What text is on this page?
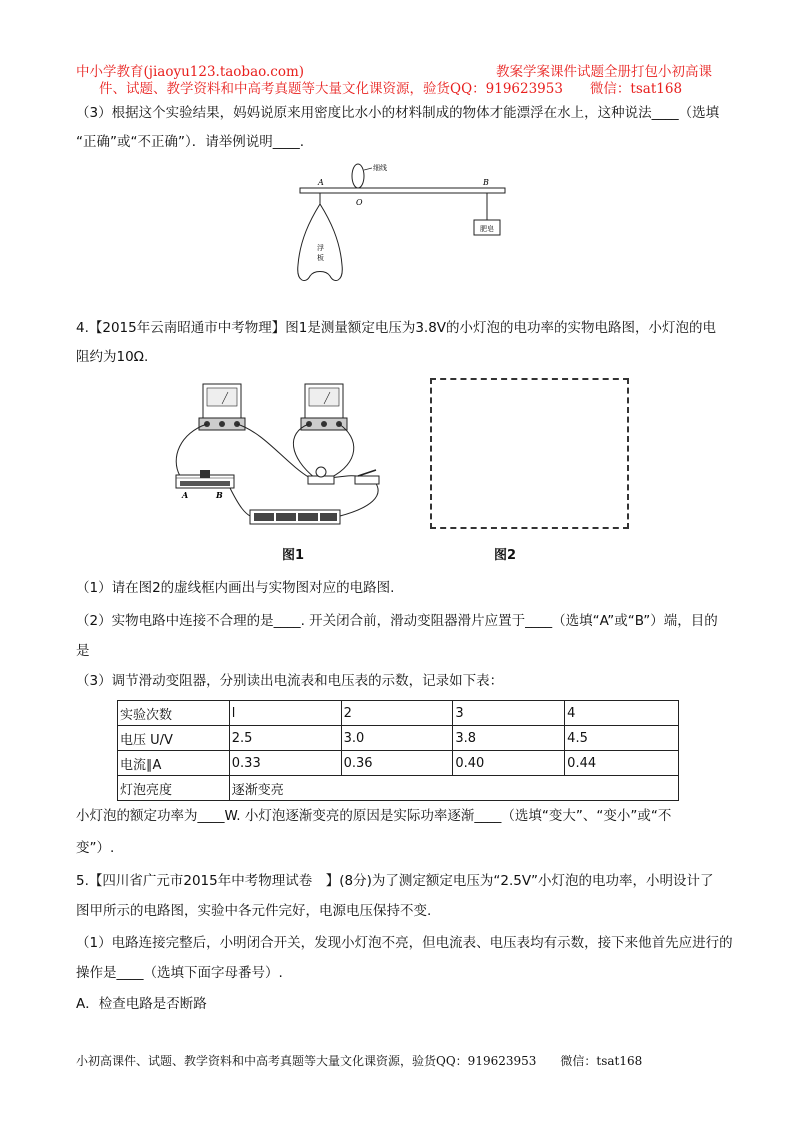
中小学教育(jiaoyu123.taobao.com)	教案学案课件试题全册打包小初高课
件、试题、教学资料和中高考真题等大量文化课资源，验货QQ：919623953　　微信：tsat168
（3）根据这个实验结果，妈妈说原来用密度比水小的材料制成的物体才能漂浮在水上，这种说法____（选填
“正确”或“不正确”）．请举例说明____.
细线
A
O
B
浮
板
肥皂
4.【2015年云南昭通市中考物理】图1是测量额定电压为3.8V的小灯泡的电功率的实物电路图，小灯泡的电
阻约为10Ω.
A	B
图1	图2
（1）请在图2的虚线框内画出与实物图对应的电路图.
（2）实物电路中连接不合理的是____. 开关闭合前，滑动变阻器滑片应置于____（选填“A”或“B”）端，目的
是
（3）调节滑动变阻器，分别读出电流表和电压表的示数，记录如下表：
实验次数	l	2	3	4
电压 U/V	2.5	3.0	3.8	4.5
电流∥A	0.33	0.36	0.40	0.44
灯泡亮度	逐渐变亮			
小灯泡的额定功率为____W. 小灯泡逐渐变亮的原因是实际功率逐渐____（选填“变大”、“变小”或“不
变”）.
5.【四川省广元市2015年中考物理试卷　】(8分)为了测定额定电压为“2.5V”小灯泡的电功率，小明设计了
图甲所示的电路图，实验中各元件完好，电源电压保持不变.
（1）电路连接完整后，小明闭合开关，发现小灯泡不亮，但电流表、电压表均有示数，接下来他首先应进行的
操作是____（选填下面字母番号）.
A．检查电路是否断路
小初高课件、试题、教学资料和中高考真题等大量文化课资源，验货QQ：919623953　　微信：tsat168
